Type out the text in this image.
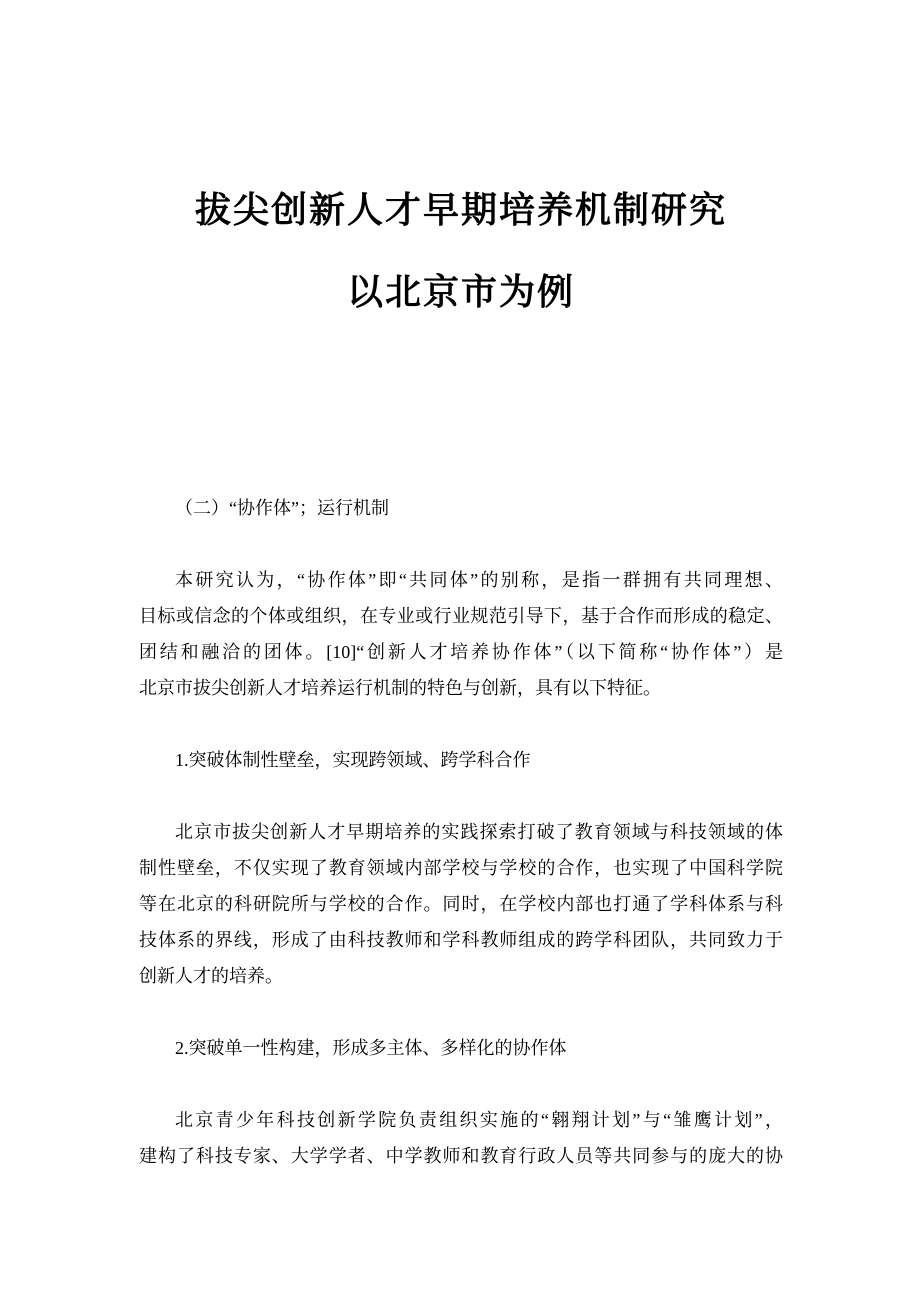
拔尖创新人才早期培养机制研究
以北京市为例
（二）“协作体”；运行机制
本研究认为，“协作体”即“共同体”的别称，是指一群拥有共同理想、
目标或信念的个体或组织，在专业或行业规范引导下，基于合作而形成的稳定、
团结和融洽的团体。[10]“创新人才培养协作体”（以下简称“协作体”）是
北京市拔尖创新人才培养运行机制的特色与创新，具有以下特征。
1.突破体制性壁垒，实现跨领域、跨学科合作
北京市拔尖创新人才早期培养的实践探索打破了教育领域与科技领域的体
制性壁垒，不仅实现了教育领域内部学校与学校的合作，也实现了中国科学院
等在北京的科研院所与学校的合作。同时，在学校内部也打通了学科体系与科
技体系的界线，形成了由科技教师和学科教师组成的跨学科团队，共同致力于
创新人才的培养。
2.突破单一性构建，形成多主体、多样化的协作体
北京青少年科技创新学院负责组织实施的“翱翔计划”与“雏鹰计划”，
建构了科技专家、大学学者、中学教师和教育行政人员等共同参与的庞大的协
